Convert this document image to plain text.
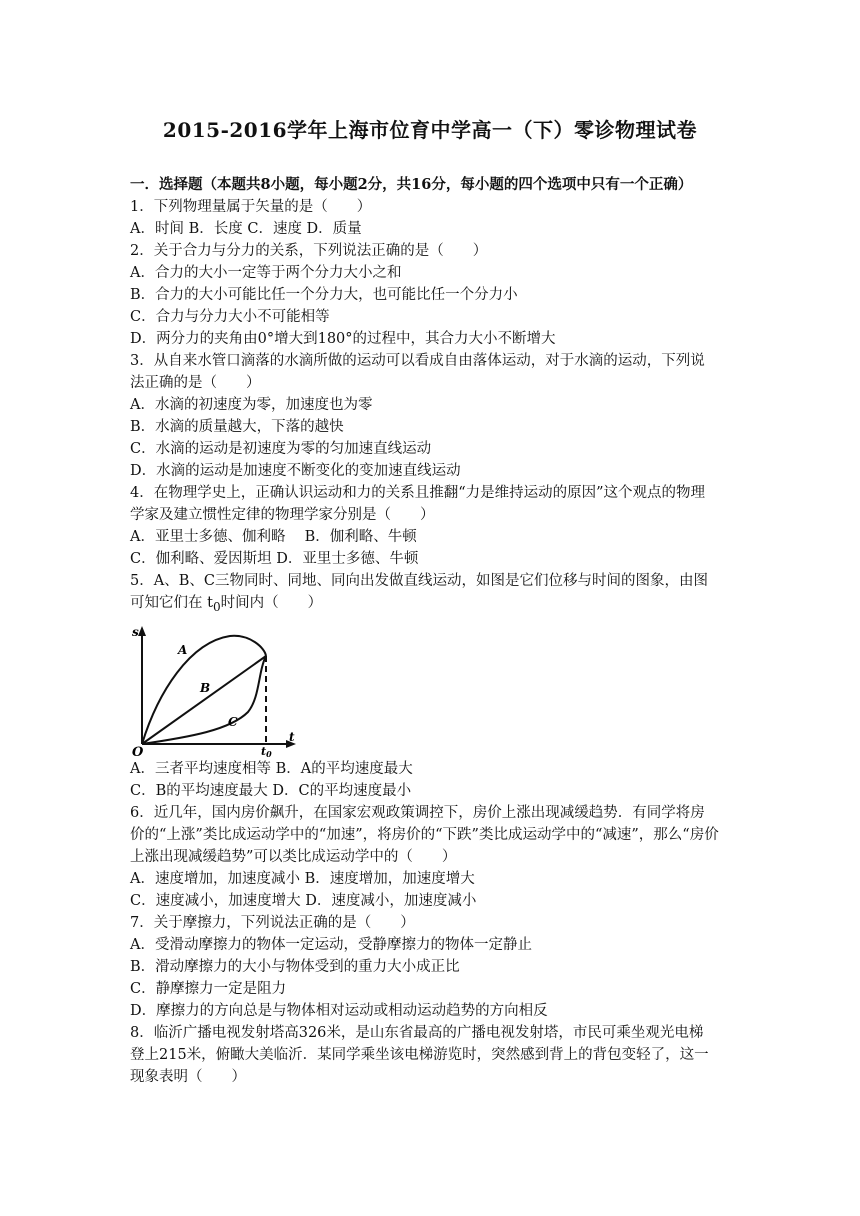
2015-2016学年上海市位育中学高一（下）零诊物理试卷
一．选择题（本题共8小题，每小题2分，共16分，每小题的四个选项中只有一个正确）
1．下列物理量属于矢量的是（　　）
A．时间 B．长度 C．速度 D．质量
2．关于合力与分力的关系，下列说法正确的是（　　）
A．合力的大小一定等于两个分力大小之和
B．合力的大小可能比任一个分力大，也可能比任一个分力小
C．合力与分力大小不可能相等
D．两分力的夹角由0°增大到180°的过程中，其合力大小不断增大
3．从自来水管口滴落的水滴所做的运动可以看成自由落体运动，对于水滴的运动，下列说
法正确的是（　　）
A．水滴的初速度为零，加速度也为零
B．水滴的质量越大，下落的越快
C．水滴的运动是初速度为零的匀加速直线运动
D．水滴的运动是加速度不断变化的变加速直线运动
4．在物理学史上，正确认识运动和力的关系且推翻“力是维持运动的原因”这个观点的物理
学家及建立惯性定律的物理学家分别是（　　）
A．亚里士多德、伽利略　 B．伽利略、牛顿
C．伽利略、爱因斯坦 D．亚里士多德、牛顿
5．A、B、C三物同时、同地、同向出发做直线运动，如图是它们位移与时间的图象，由图
可知它们在 $t_0$时间内（　　）
A．三者平均速度相等 B．A的平均速度最大
C．B的平均速度最大 D．C的平均速度最小
6．近几年，国内房价飙升，在国家宏观政策调控下，房价上涨出现减缓趋势．有同学将房
价的“上涨”类比成运动学中的“加速”，将房价的“下跌”类比成运动学中的“减速”，那么“房价
上涨出现减缓趋势”可以类比成运动学中的（　　）
A．速度增加，加速度减小 B．速度增加，加速度增大
C．速度减小，加速度增大 D．速度减小，加速度减小
7．关于摩擦力，下列说法正确的是（　　）
A．受滑动摩擦力的物体一定运动，受静摩擦力的物体一定静止
B．滑动摩擦力的大小与物体受到的重力大小成正比
C．静摩擦力一定是阻力
D．摩擦力的方向总是与物体相对运动或相动运动趋势的方向相反
8．临沂广播电视发射塔高326米，是山东省最高的广播电视发射塔，市民可乘坐观光电梯
登上215米，俯瞰大美临沂．某同学乘坐该电梯游览时，突然感到背上的背包变轻了，这一
现象表明（　　）
s
t
O	t0
A
B
C
